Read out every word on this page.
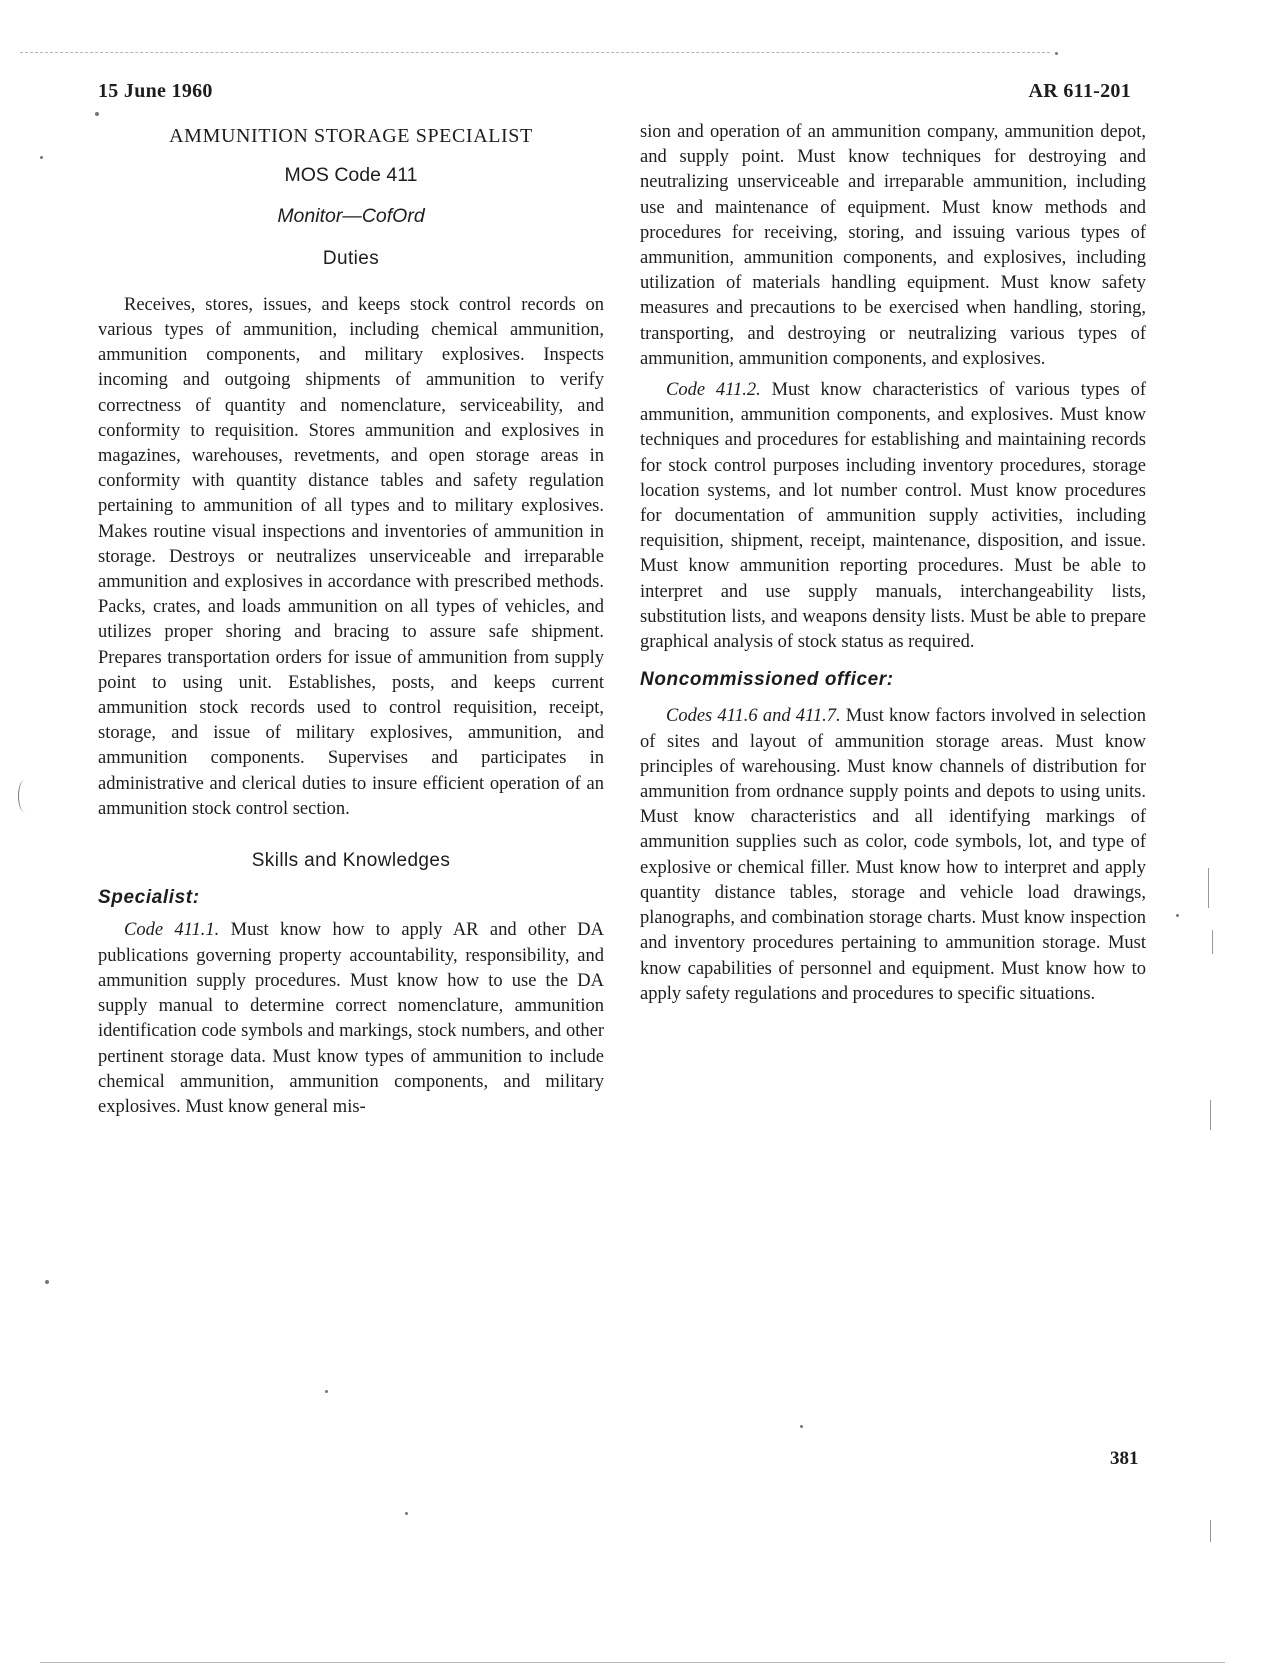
15 June 1960	AR 611-201

AMMUNITION STORAGE SPECIALIST

MOS Code 411

Monitor—CofOrd

Duties

Receives, stores, issues, and keeps stock control records on various types of ammunition, including chemical ammunition, ammunition components, and military explosives. Inspects incoming and outgoing shipments of ammunition to verify correctness of quantity and nomenclature, serviceability, and conformity to requisition. Stores ammunition and explosives in magazines, warehouses, revetments, and open storage areas in conformity with quantity distance tables and safety regulation pertaining to ammunition of all types and to military explosives. Makes routine visual inspections and inventories of ammunition in storage. Destroys or neutralizes unserviceable and irreparable ammunition and explosives in accordance with prescribed methods. Packs, crates, and loads ammunition on all types of vehicles, and utilizes proper shoring and bracing to assure safe shipment. Prepares transportation orders for issue of ammunition from supply point to using unit. Establishes, posts, and keeps current ammunition stock records used to control requisition, receipt, storage, and issue of military explosives, ammunition, and ammunition components. Supervises and participates in administrative and clerical duties to insure efficient operation of an ammunition stock control section.

Skills and Knowledges

Specialist:

Code 411.1. Must know how to apply AR and other DA publications governing property accountability, responsibility, and ammunition supply procedures. Must know how to use the DA supply manual to determine correct nomenclature, ammunition identification code symbols and markings, stock numbers, and other pertinent storage data. Must know types of ammunition to include chemical ammunition, ammunition components, and military explosives. Must know general mis-

sion and operation of an ammunition company, ammunition depot, and supply point. Must know techniques for destroying and neutralizing unserviceable and irreparable ammunition, including use and maintenance of equipment. Must know methods and procedures for receiving, storing, and issuing various types of ammunition, ammunition components, and explosives, including utilization of materials handling equipment. Must know safety measures and precautions to be exercised when handling, storing, transporting, and destroying or neutralizing various types of ammunition, ammunition components, and explosives.

Code 411.2. Must know characteristics of various types of ammunition, ammunition components, and explosives. Must know techniques and procedures for establishing and maintaining records for stock control purposes including inventory procedures, storage location systems, and lot number control. Must know procedures for documentation of ammunition supply activities, including requisition, shipment, receipt, maintenance, disposition, and issue. Must know ammunition reporting procedures. Must be able to interpret and use supply manuals, interchangeability lists, substitution lists, and weapons density lists. Must be able to prepare graphical analysis of stock status as required.

Noncommissioned officer:

Codes 411.6 and 411.7. Must know factors involved in selection of sites and layout of ammunition storage areas. Must know principles of warehousing. Must know channels of distribution for ammunition from ordnance supply points and depots to using units. Must know characteristics and all identifying markings of ammunition supplies such as color, code symbols, lot, and type of explosive or chemical filler. Must know how to interpret and apply quantity distance tables, storage and vehicle load drawings, planographs, and combination storage charts. Must know inspection and inventory procedures pertaining to ammunition storage. Must know capabilities of personnel and equipment. Must know how to apply safety regulations and procedures to specific situations.

381
